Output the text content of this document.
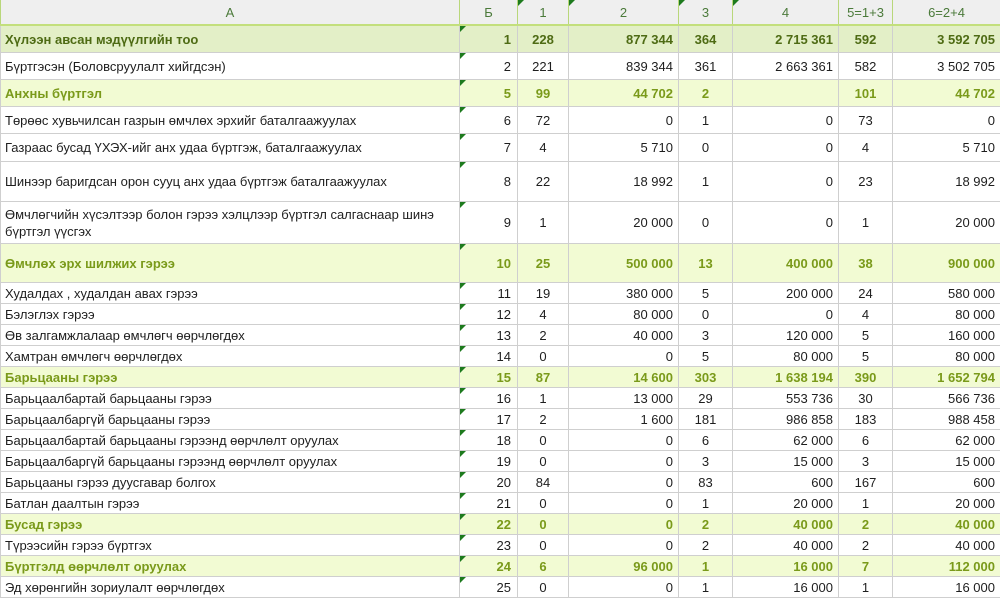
A	Б	1	2	3	4	5=1+3	6=2+4
Хүлээн авсан мэдүүлгийн тоо	1	228	877 344	364	2 715 361	592	3 592 705
Бүртгэсэн (Боловсруулалт хийгдсэн)	2	221	839 344	361	2 663 361	582	3 502 705
Анхны бүртгэл	5	99	44 702	2		101	44 702
Төрөөс хувьчилсан газрын өмчлөх эрхийг баталгаажуулах	6	72	0	1	0	73	0
Газраас бусад ҮХЭХ-ийг анх удаа бүртгэж, баталгаажуулах	7	4	5 710	0	0	4	5 710
Шинээр баригдсан орон сууц анх удаа бүртгэж баталгаажуулах	8	22	18 992	1	0	23	18 992
Өмчлөгчийн хүсэлтээр болон гэрээ хэлцлээр бүртгэл салгаснаар шинэ бүртгэл үүсгэх	9	1	20 000	0	0	1	20 000
Өмчлөх эрх шилжих гэрээ	10	25	500 000	13	400 000	38	900 000
Худалдах , худалдан авах гэрээ	11	19	380 000	5	200 000	24	580 000
Бэлэглэх гэрээ	12	4	80 000	0	0	4	80 000
Өв залгамжлалаар өмчлөгч өөрчлөгдөх	13	2	40 000	3	120 000	5	160 000
Хамтран өмчлөгч өөрчлөгдөх	14	0	0	5	80 000	5	80 000
Барьцааны гэрээ	15	87	14 600	303	1 638 194	390	1 652 794
Барьцаалбартай барьцааны гэрээ	16	1	13 000	29	553 736	30	566 736
Барьцаалбаргүй барьцааны гэрээ	17	2	1 600	181	986 858	183	988 458
Барьцаалбартай барьцааны гэрээнд өөрчлөлт оруулах	18	0	0	6	62 000	6	62 000
Барьцаалбаргүй барьцааны гэрээнд өөрчлөлт оруулах	19	0	0	3	15 000	3	15 000
Барьцааны гэрээ дуусгавар болгох	20	84	0	83	600	167	600
Батлан даалтын гэрээ	21	0	0	1	20 000	1	20 000
Бусад гэрээ	22	0	0	2	40 000	2	40 000
Түрээсийн гэрээ бүртгэх	23	0	0	2	40 000	2	40 000
Бүртгэлд өөрчлөлт оруулах	24	6	96 000	1	16 000	7	112 000
Эд хөрөнгийн зориулалт өөрчлөгдөх	25	0	0	1	16 000	1	16 000
